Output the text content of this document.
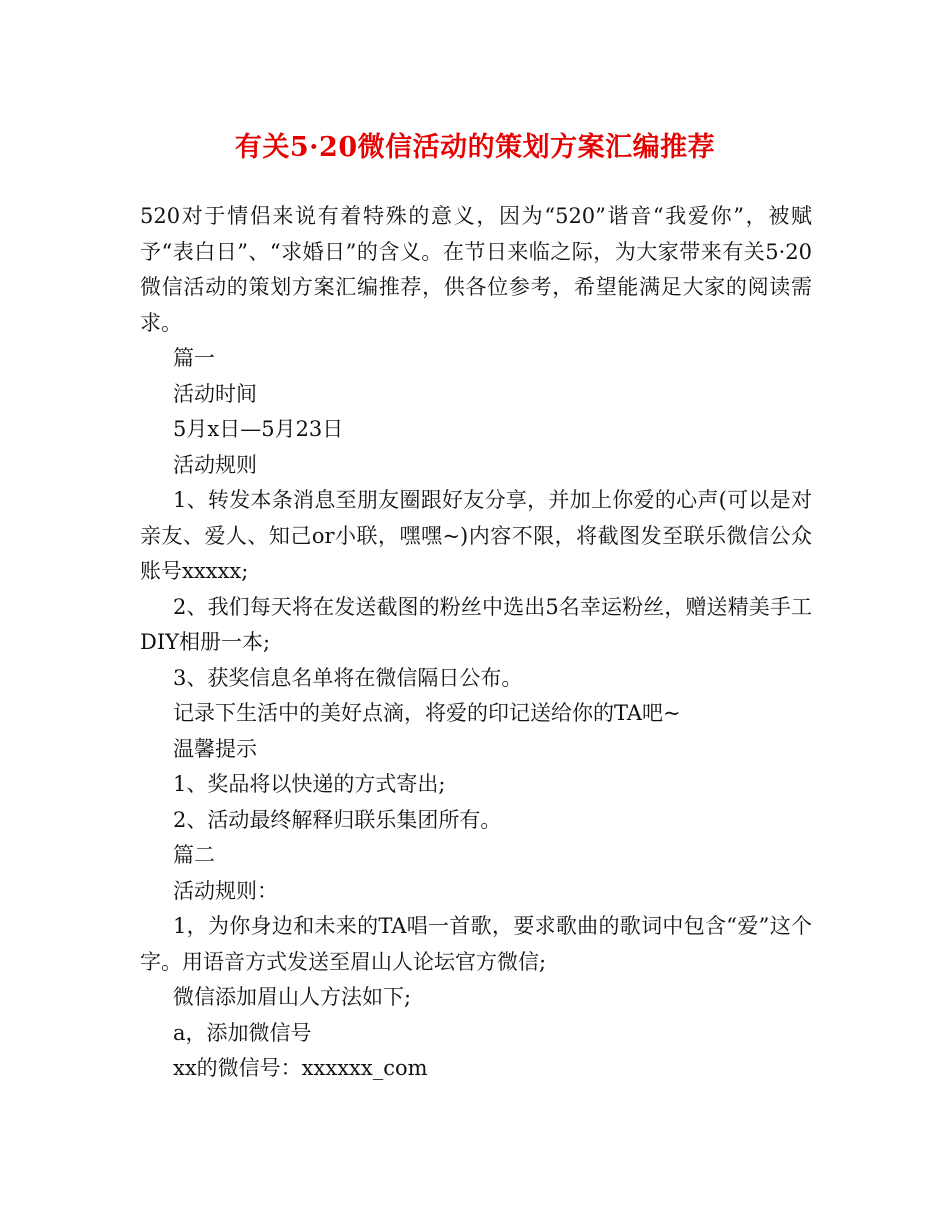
有关5·20微信活动的策划方案汇编推荐

520对于情侣来说有着特殊的意义，因为“520”谐音“我爱你”，被赋予“表白日”、“求婚日”的含义。在节日来临之际，为大家带来有关5·20微信活动的策划方案汇编推荐，供各位参考，希望能满足大家的阅读需求。

篇一

活动时间

5月x日—5月23日

活动规则

1、转发本条消息至朋友圈跟好友分享，并加上你爱的心声(可以是对亲友、爱人、知己or小联，嘿嘿~)内容不限，将截图发至联乐微信公众账号xxxxx;

2、我们每天将在发送截图的粉丝中选出5名幸运粉丝，赠送精美手工DIY相册一本;

3、获奖信息名单将在微信隔日公布。

记录下生活中的美好点滴，将爱的印记送给你的TA吧~

温馨提示

1、奖品将以快递的方式寄出;

2、活动最终解释归联乐集团所有。

篇二

活动规则：

1，为你身边和未来的TA唱一首歌，要求歌曲的歌词中包含“爱”这个字。用语音方式发送至眉山人论坛官方微信;

微信添加眉山人方法如下;

a，添加微信号

xx的微信号：xxxxxx_com
